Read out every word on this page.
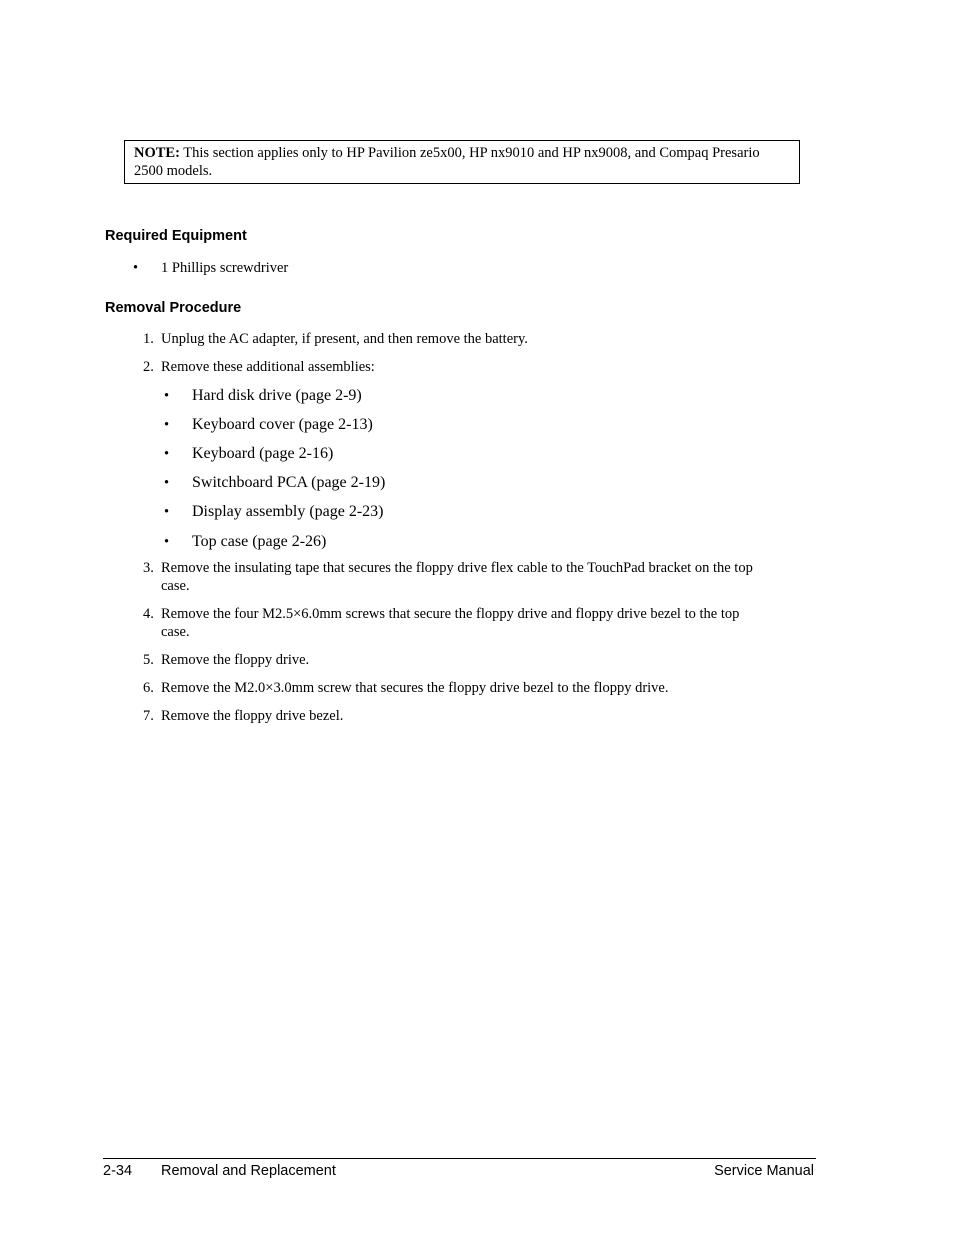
NOTE: This section applies only to HP Pavilion ze5x00, HP nx9010 and HP nx9008, and Compaq Presario 2500 models.
Required Equipment
• 1 Phillips screwdriver
Removal Procedure
1. Unplug the AC adapter, if present, and then remove the battery.
2. Remove these additional assemblies:
• Hard disk drive (page 2-9)
• Keyboard cover (page 2-13)
• Keyboard (page 2-16)
• Switchboard PCA (page 2-19)
• Display assembly (page 2-23)
• Top case (page 2-26)
3. Remove the insulating tape that secures the floppy drive flex cable to the TouchPad bracket on the top case.
4. Remove the four M2.5×6.0mm screws that secure the floppy drive and floppy drive bezel to the top case.
5. Remove the floppy drive.
6. Remove the M2.0×3.0mm screw that secures the floppy drive bezel to the floppy drive.
7. Remove the floppy drive bezel.
2-34 Removal and Replacement	Service Manual
